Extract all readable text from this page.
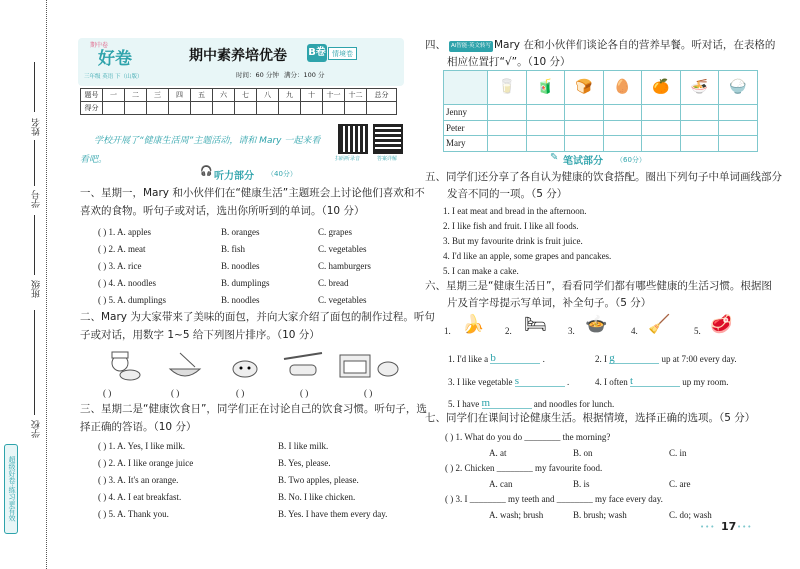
姓名
学号
班级
学校
超级好卷·练习更有效
期中卷
好卷
三年级 英语 下（山版）
期中素养培优卷 B卷 情境卷
时间：60 分钟 满分：100 分
题号	一	二	三	四	五	六	七	八	九	十	十一	十二	总分
得分													
扫码听录音	答案详解
学校开展了“健康生活周”主题活动，请和 Mary 一起来看
看吧。
🎧 听力部分 （40分）
一、星期一，Mary 和小伙伴们在“健康生活”主题班会上讨论他们喜欢和不
喜欢的食物。听句子或对话，选出你所听到的单词。（10 分）
( ) 1. A. apples	B. oranges	C. grapes
( ) 2. A. meat	B. fish	C. vegetables
( ) 3. A. rice	B. noodles	C. hamburgers
( ) 4. A. noodles	B. dumplings	C. bread
( ) 5. A. dumplings	B. noodles	C. vegetables
二、Mary 为大家带来了美味的面包，并向大家介绍了面包的制作过程。听句
子或对话，用数字 1~5 给下列图片排序。（10 分）
( )	( )	( )	( )	( )
三、星期二是“健康饮食日”，同学们正在讨论自己的饮食习惯。听句子，选
择正确的答语。（10 分）
( ) 1. A. Yes, I like milk.	B. I like milk.
( ) 2. A. I like orange juice	B. Yes, please.
( ) 3. A. It's an orange.	B. Two apples, please.
( ) 4. A. I eat breakfast.	B. No. I like chicken.
( ) 5. A. Thank you.	B. Yes. I have them every day.
四、 Ai智能·英文转写 Mary 在和小伙伴们谈论各自的营养早餐。听对话，在表格的
相应位置打“√”。（10 分）
	🥛	🧃	🍞	🥚	🍊	🍜	🍚
Jenny							
Peter							
Mary							
✎ 笔试部分 （60分）
五、同学们还分享了各自认为健康的饮食搭配。圈出下列句子中单词画线部分
发音不同的一项。（5 分）
1. I eat meat and bread in the afternoon.
2. I like fish and fruit. I like all foods.
3. But my favourite drink is fruit juice.
4. I'd like an apple, some grapes and pancakes.
5. I can make a cake.
六、星期三是“健康生活日”，看看同学们都有哪些健康的生活习惯。根据图
片及首字母提示写单词，补全句子。（5 分）
1. 🍌 2. 🛏 3. 🍲	4. 🧹	5. 🥩
1. I'd like a b	.	2. I g	up at 7:00 every day.
3. I like vegetable s	.	4. I often t	up my room.
5. I have m	and noodles for lunch.
七、同学们在课间讨论健康生活。根据情境，选择正确的选项。（5 分）
( ) 1. What do you do ________ the morning?
A. at	B. on	C. in
( ) 2. Chicken ________ my favourite food.
A. can	B. is	C. are
( ) 3. I ________ my teeth and ________ my face every day.
A. wash; brush	B. brush; wash	C. do; wash
••• 17 •••
